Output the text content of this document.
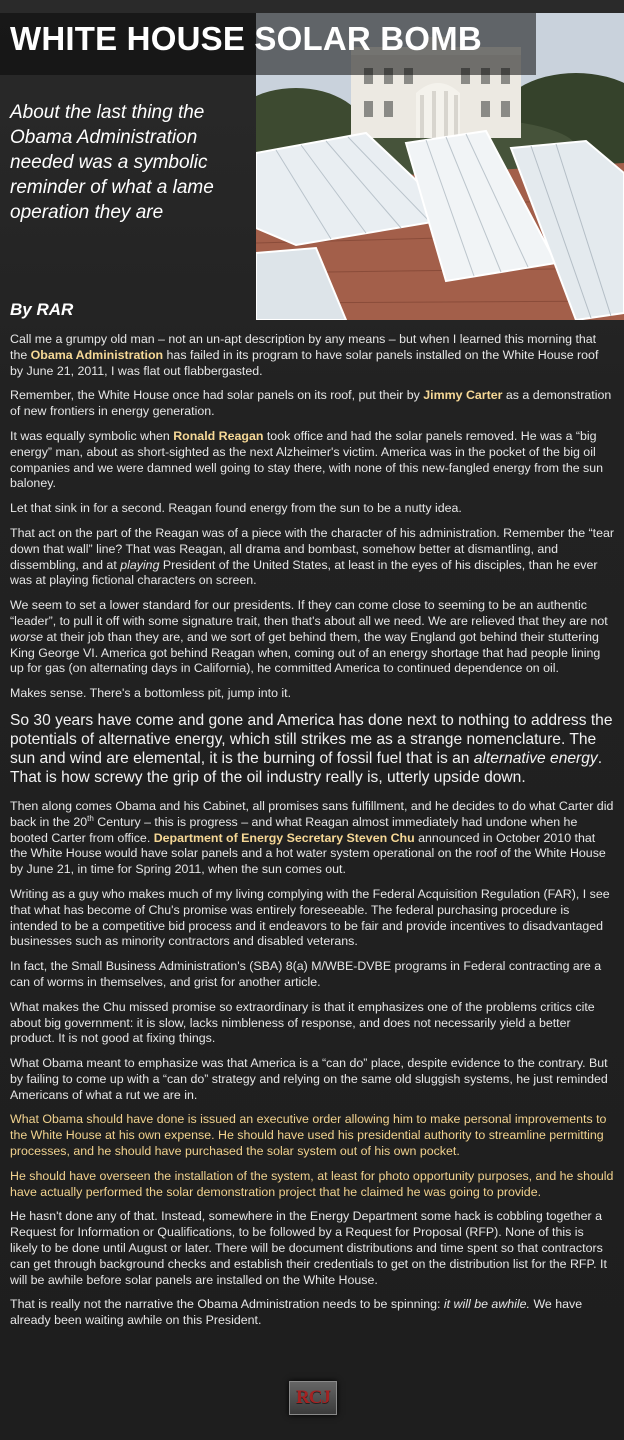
WHITE HOUSE SOLAR BOMB

About the last thing the Obama Administration needed was a symbolic reminder of what a lame operation they are

By RAR

Call me a grumpy old man – not an un-apt description by any means – but when I learned this morning that the Obama Administration has failed in its program to have solar panels installed on the White House roof by June 21, 2011, I was flat out flabbergasted.

Remember, the White House once had solar panels on its roof, put their by Jimmy Carter as a demonstration of new frontiers in energy generation.

It was equally symbolic when Ronald Reagan took office and had the solar panels removed. He was a “big energy” man, about as short-sighted as the next Alzheimer's victim. America was in the pocket of the big oil companies and we were damned well going to stay there, with none of this new-fangled energy from the sun baloney.

Let that sink in for a second. Reagan found energy from the sun to be a nutty idea.

That act on the part of the Reagan was of a piece with the character of his administration. Remember the “tear down that wall” line? That was Reagan, all drama and bombast, somehow better at dismantling, and dissembling, and at playing President of the United States, at least in the eyes of his disciples, than he ever was at playing fictional characters on screen.

We seem to set a lower standard for our presidents. If they can come close to seeming to be an authentic “leader”, to pull it off with some signature trait, then that's about all we need. We are relieved that they are not worse at their job than they are, and we sort of get behind them, the way England got behind their stuttering King George VI. America got behind Reagan when, coming out of an energy shortage that had people lining up for gas (on alternating days in California), he committed America to continued dependence on oil.

Makes sense. There's a bottomless pit, jump into it.

So 30 years have come and gone and America has done next to nothing to address the potentials of alternative energy, which still strikes me as a strange nomenclature. The sun and wind are elemental, it is the burning of fossil fuel that is an alternative energy. That is how screwy the grip of the oil industry really is, utterly upside down.

Then along comes Obama and his Cabinet, all promises sans fulfillment, and he decides to do what Carter did back in the 20th Century – this is progress – and what Reagan almost immediately had undone when he booted Carter from office. Department of Energy Secretary Steven Chu announced in October 2010 that the White House would have solar panels and a hot water system operational on the roof of the White House by June 21, in time for Spring 2011, when the sun comes out.

Writing as a guy who makes much of my living complying with the Federal Acquisition Regulation (FAR), I see that what has become of Chu's promise was entirely foreseeable. The federal purchasing procedure is intended to be a competitive bid process and it endeavors to be fair and provide incentives to disadvantaged businesses such as minority contractors and disabled veterans.

In fact, the Small Business Administration's (SBA) 8(a) M/WBE-DVBE programs in Federal contracting are a can of worms in themselves, and grist for another article.

What makes the Chu missed promise so extraordinary is that it emphasizes one of the problems critics cite about big government: it is slow, lacks nimbleness of response, and does not necessarily yield a better product. It is not good at fixing things.

What Obama meant to emphasize was that America is a “can do” place, despite evidence to the contrary. But by failing to come up with a “can do” strategy and relying on the same old sluggish systems, he just reminded Americans of what a rut we are in.

What Obama should have done is issued an executive order allowing him to make personal improvements to the White House at his own expense. He should have used his presidential authority to streamline permitting processes, and he should have purchased the solar system out of his own pocket.

He should have overseen the installation of the system, at least for photo opportunity purposes, and he should have actually performed the solar demonstration project that he claimed he was going to provide.

He hasn't done any of that. Instead, somewhere in the Energy Department some hack is cobbling together a Request for Information or Qualifications, to be followed by a Request for Proposal (RFP). None of this is likely to be done until August or later. There will be document distributions and time spent so that contractors can get through background checks and establish their credentials to get on the distribution list for the RFP. It will be awhile before solar panels are installed on the White House.

That is really not the narrative the Obama Administration needs to be spinning: it will be awhile. We have already been waiting awhile on this President.

RCJ
